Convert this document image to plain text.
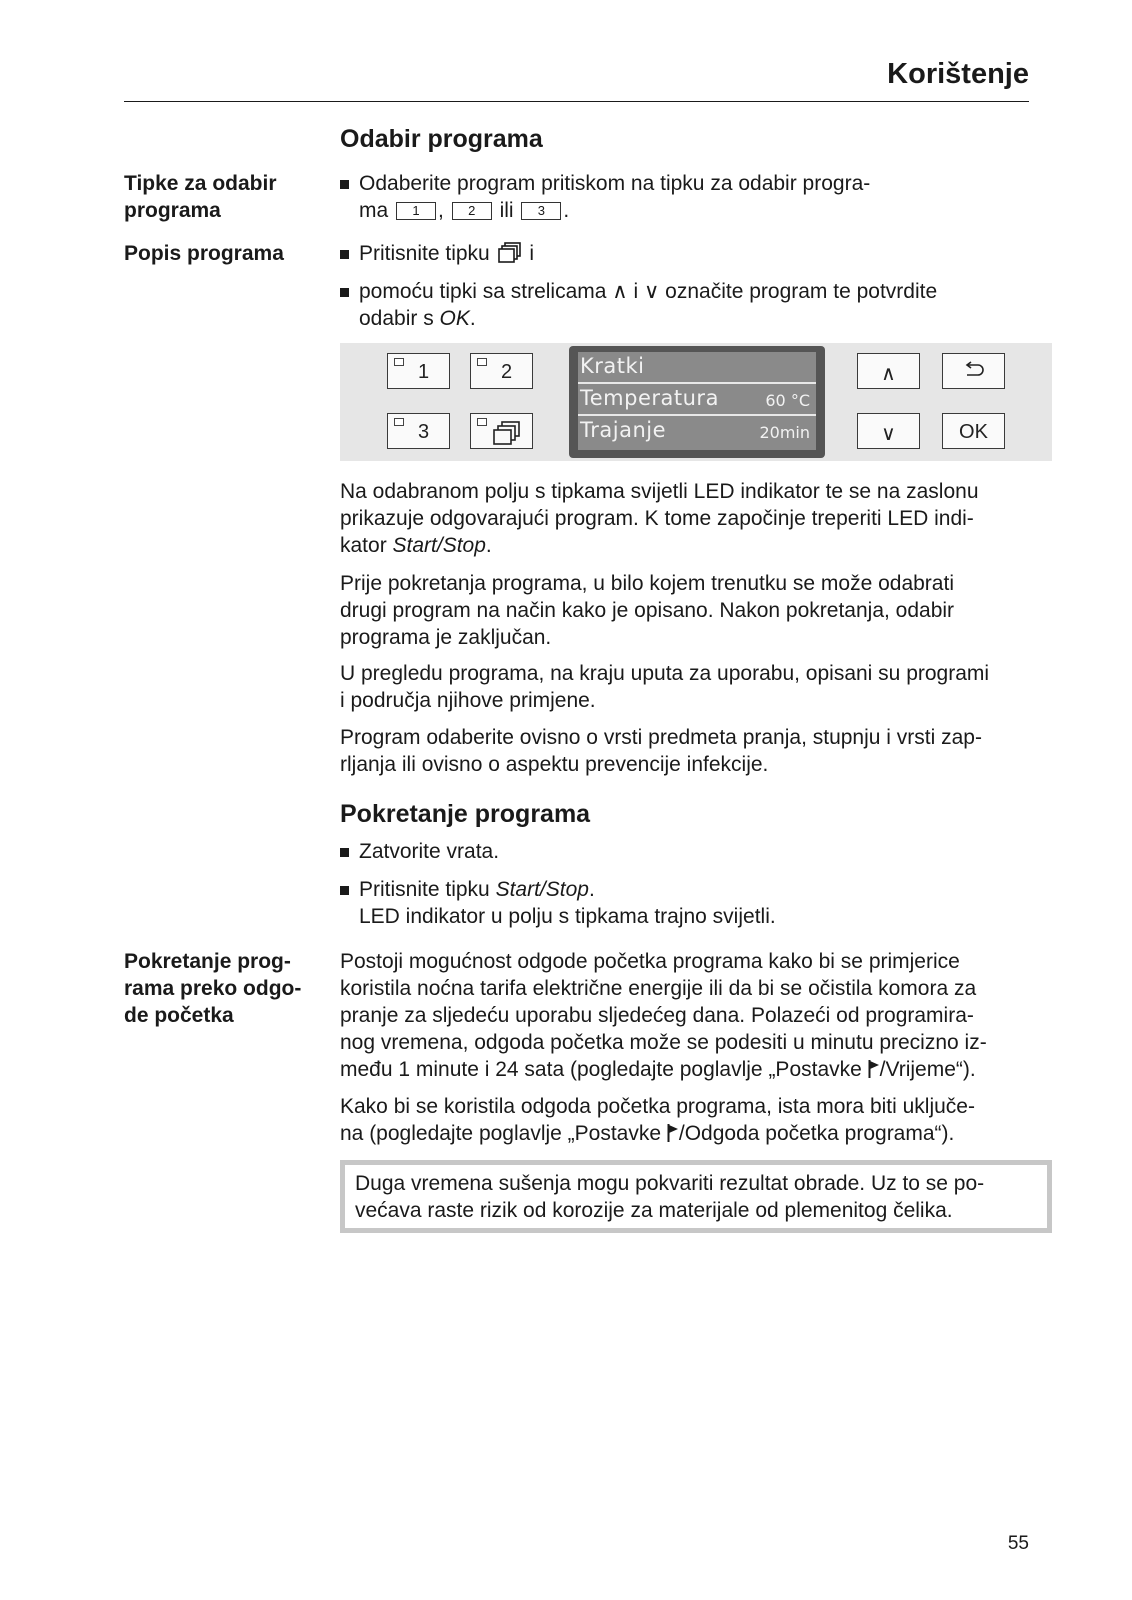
Korištenje
Odabir programa
Tipke za odabir
programa
Odaberite program pritiskom na tipku za odabir progra-
ma 1 , 2 ili 3 .
Popis programa	Pritisnite tipku i
pomoću tipki sa strelicama ∧ i ∨ označite program te potvrdite
odabir s OK.
1	2
3
Kratki
Temperatura	60 °C
Trajanje	20min
∧
∨	OK
Na odabranom polju s tipkama svijetli LED indikator te se na zaslonu
prikazuje odgovarajući program. K tome započinje treperiti LED indi-
kator Start/Stop.
Prije pokretanja programa, u bilo kojem trenutku se može odabrati
drugi program na način kako je opisano. Nakon pokretanja, odabir
programa je zaključan.
U pregledu programa, na kraju uputa za uporabu, opisani su programi
i područja njihove primjene.
Program odaberite ovisno o vrsti predmeta pranja, stupnju i vrsti zap-
rljanja ili ovisno o aspektu prevencije infekcije.
Pokretanje programa
Zatvorite vrata.
Pritisnite tipku Start/Stop.
LED indikator u polju s tipkama trajno svijetli.
Pokretanje prog-
rama preko odgo-
de početka
Postoji mogućnost odgode početka programa kako bi se primjerice
koristila noćna tarifa električne energije ili da bi se očistila komora za
pranje za sljedeću uporabu sljedećeg dana. Polazeći od programira-
nog vremena, odgoda početka može se podesiti u minutu precizno iz-
među 1 minute i 24 sata (pogledajte poglavlje „Postavke /Vrijeme“).
Kako bi se koristila odgoda početka programa, ista mora biti uključe-
na (pogledajte poglavlje „Postavke /Odgoda početka programa“).
Duga vremena sušenja mogu pokvariti rezultat obrade. Uz to se po-
većava raste rizik od korozije za materijale od plemenitog čelika.
55
